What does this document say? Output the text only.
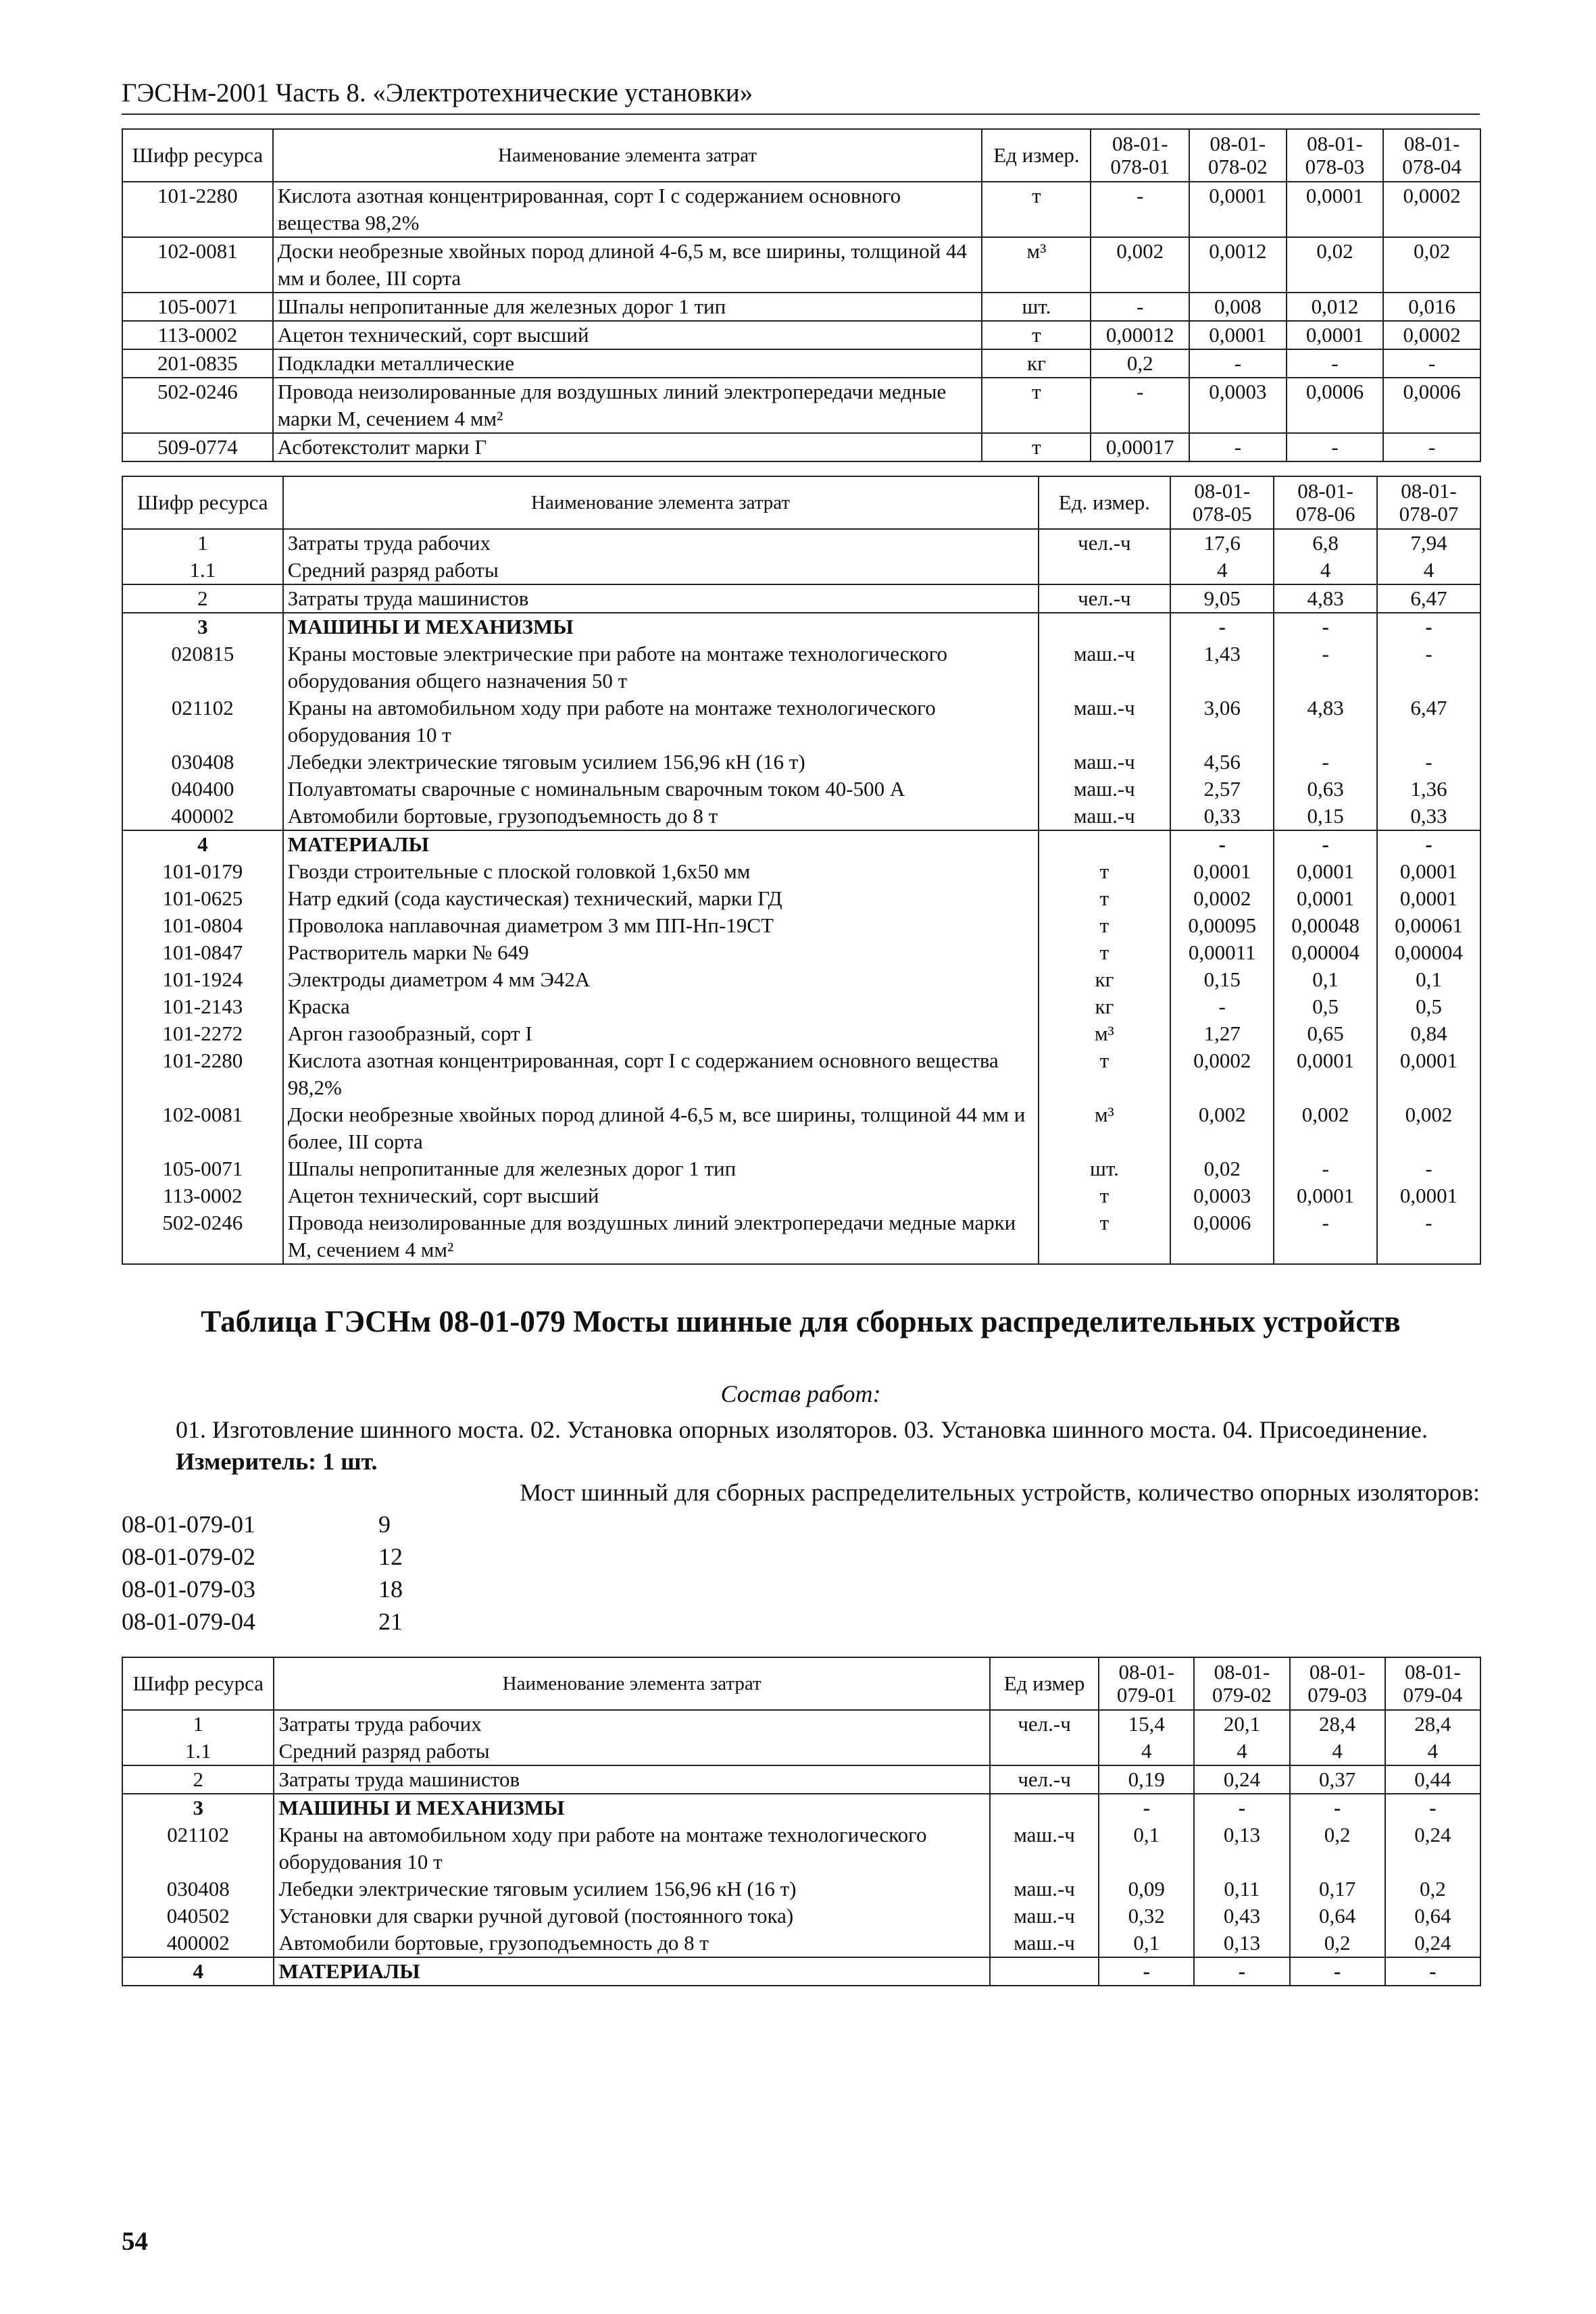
ГЭСНм-2001 Часть 8. «Электротехнические установки»
Шифр ресурса	Наименование элемента затрат	Ед измер.	08-01-078-01	08-01-078-02	08-01-078-03	08-01-078-04
101-2280	Кислота азотная концентрированная, сорт I с содержанием основного вещества 98,2%	т	-	0,0001	0,0001	0,0002
102-0081	Доски необрезные хвойных пород длиной 4-6,5 м, все ширины, толщиной 44 мм и более, III сорта	м³	0,002	0,0012	0,02	0,02
105-0071	Шпалы непропитанные для железных дорог 1 тип	шт.	-	0,008	0,012	0,016
113-0002	Ацетон технический, сорт высший	т	0,00012	0,0001	0,0001	0,0002
201-0835	Подкладки металлические	кг	0,2	-	-	-
502-0246	Провода неизолированные для воздушных линий электропередачи медные марки М, сечением 4 мм²	т	-	0,0003	0,0006	0,0006
509-0774	Асботекстолит марки Г	т	0,00017	-	-	-
Шифр ресурса	Наименование элемента затрат	Ед. измер.	08-01-078-05	08-01-078-06	08-01-078-07
1	Затраты труда рабочих	чел.-ч	17,6	6,8	7,94
1.1	Средний разряд работы		4	4	4
2	Затраты труда машинистов	чел.-ч	9,05	4,83	6,47
3	МАШИНЫ И МЕХАНИЗМЫ		-	-	-
020815	Краны мостовые электрические при работе на монтаже технологического оборудования общего назначения 50 т	маш.-ч	1,43	-	-
021102	Краны на автомобильном ходу при работе на монтаже технологического оборудования 10 т	маш.-ч	3,06	4,83	6,47
030408	Лебедки электрические тяговым усилием 156,96 кН (16 т)	маш.-ч	4,56	-	-
040400	Полуавтоматы сварочные с номинальным сварочным током 40-500 А	маш.-ч	2,57	0,63	1,36
400002	Автомобили бортовые, грузоподъемность до 8 т	маш.-ч	0,33	0,15	0,33
4	МАТЕРИАЛЫ		-	-	-
101-0179	Гвозди строительные с плоской головкой 1,6x50 мм	т	0,0001	0,0001	0,0001
101-0625	Натр едкий (сода каустическая) технический, марки ГД	т	0,0002	0,0001	0,0001
101-0804	Проволока наплавочная диаметром 3 мм ПП-Нп-19СТ	т	0,00095	0,00048	0,00061
101-0847	Растворитель марки № 649	т	0,00011	0,00004	0,00004
101-1924	Электроды диаметром 4 мм Э42А	кг	0,15	0,1	0,1
101-2143	Краска	кг	-	0,5	0,5
101-2272	Аргон газообразный, сорт I	м³	1,27	0,65	0,84
101-2280	Кислота азотная концентрированная, сорт I с содержанием основного вещества 98,2%	т	0,0002	0,0001	0,0001
102-0081	Доски необрезные хвойных пород длиной 4-6,5 м, все ширины, толщиной 44 мм и более, III сорта	м³	0,002	0,002	0,002
105-0071	Шпалы непропитанные для железных дорог 1 тип	шт.	0,02	-	-
113-0002	Ацетон технический, сорт высший	т	0,0003	0,0001	0,0001
502-0246	Провода неизолированные для воздушных линий электропередачи медные марки М, сечением 4 мм²	т	0,0006	-	-
Таблица ГЭСНм 08-01-079 Мосты шинные для сборных распределительных устройств
Состав работ:
01. Изготовление шинного моста. 02. Установка опорных изоляторов. 03. Установка шинного моста. 04. Присоединение.
Измеритель: 1 шт.
Мост шинный для сборных распределительных устройств, количество опорных изоляторов:
08-01-079-01	9
08-01-079-02	12
08-01-079-03	18
08-01-079-04	21
Шифр ресурса	Наименование элемента затрат	Ед измер	08-01-079-01	08-01-079-02	08-01-079-03	08-01-079-04
1	Затраты труда рабочих	чел.-ч	15,4	20,1	28,4	28,4
1.1	Средний разряд работы		4	4	4	4
2	Затраты труда машинистов	чел.-ч	0,19	0,24	0,37	0,44
3	МАШИНЫ И МЕХАНИЗМЫ		-	-	-	-
021102	Краны на автомобильном ходу при работе на монтаже технологического оборудования 10 т	маш.-ч	0,1	0,13	0,2	0,24
030408	Лебедки электрические тяговым усилием 156,96 кН (16 т)	маш.-ч	0,09	0,11	0,17	0,2
040502	Установки для сварки ручной дуговой (постоянного тока)	маш.-ч	0,32	0,43	0,64	0,64
400002	Автомобили бортовые, грузоподъемность до 8 т	маш.-ч	0,1	0,13	0,2	0,24
4	МАТЕРИАЛЫ		-	-	-	-
54
